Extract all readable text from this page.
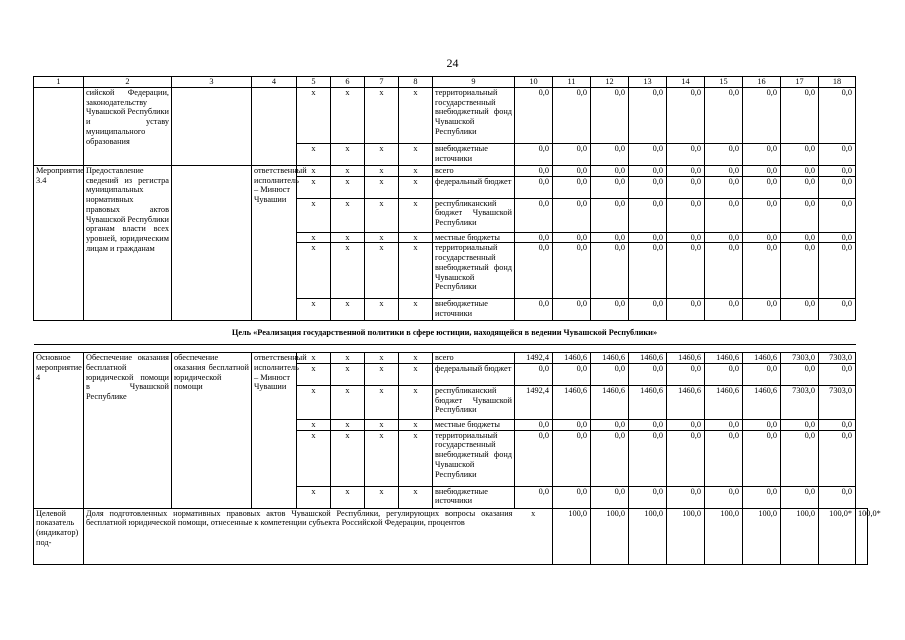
24
1	2	3	4	5	6	7	8	9	10	11	12	13	14	15	16	17	18	
	сийской Федерации, законодательству Чувашской Республики и уставу муниципального образования			x	x	x	x	территориальный государственный внебюджетный фонд Чувашской Республики	0,0	0,0	0,0	0,0	0,0	0,0	0,0	0,0	0,0	
				x	x	x	x	внебюджетные источники	0,0	0,0	0,0	0,0	0,0	0,0	0,0	0,0	0,0	
Мероприятие 3.4	Предоставление сведений из регистра муниципальных нормативных правовых актов Чувашской Республики органам власти всех уровней, юридическим лицам и гражданам		ответственный исполнитель – Минюст Чувашии	x	x	x	x	всего	0,0	0,0	0,0	0,0	0,0	0,0	0,0	0,0	0,0	
				x	x	x	x	федеральный бюджет	0,0	0,0	0,0	0,0	0,0	0,0	0,0	0,0	0,0	
				x	x	x	x	республиканский бюджет Чувашской Республики	0,0	0,0	0,0	0,0	0,0	0,0	0,0	0,0	0,0	
				x	x	x	x	местные бюджеты	0,0	0,0	0,0	0,0	0,0	0,0	0,0	0,0	0,0	
				x	x	x	x	территориальный государственный внебюджетный фонд Чувашской Республики	0,0	0,0	0,0	0,0	0,0	0,0	0,0	0,0	0,0	
				x	x	x	x	внебюджетные источники	0,0	0,0	0,0	0,0	0,0	0,0	0,0	0,0	0,0	
Цель «Реализация государственной политики в сфере юстиции, находящейся в ведении Чувашской Республики»																		

Основное мероприятие 4	Обеспечение оказания бесплатной юридической помощи в Чувашской Республике	обеспечение оказания бесплатной юридической помощи	ответственный исполнитель – Минюст Чувашии	x	x	x	x	всего	1492,4	1460,6	1460,6	1460,6	1460,6	1460,6	1460,6	7303,0	7303,0	
				x	x	x	x	федеральный бюджет	0,0	0,0	0,0	0,0	0,0	0,0	0,0	0,0	0,0	
				x	x	x	x	республиканский бюджет Чувашской Республики	1492,4	1460,6	1460,6	1460,6	1460,6	1460,6	1460,6	7303,0	7303,0	
				x	x	x	x	местные бюджеты	0,0	0,0	0,0	0,0	0,0	0,0	0,0	0,0	0,0	
				x	x	x	x	территориальный государственный внебюджетный фонд Чувашской Республики	0,0	0,0	0,0	0,0	0,0	0,0	0,0	0,0	0,0	
				x	x	x	x	внебюджетные источники	0,0	0,0	0,0	0,0	0,0	0,0	0,0	0,0	0,0	
Целевой показатель (индикатор) под-	Доля подготовленных нормативных правовых актов Чувашской Республики, регулирующих вопросы оказания бесплатной юридической помощи, отнесенные к компетенции субъекта Российской Федерации, процентов								x	100,0	100,0	100,0	100,0	100,0	100,0	100,0	100,0*	100,0*
